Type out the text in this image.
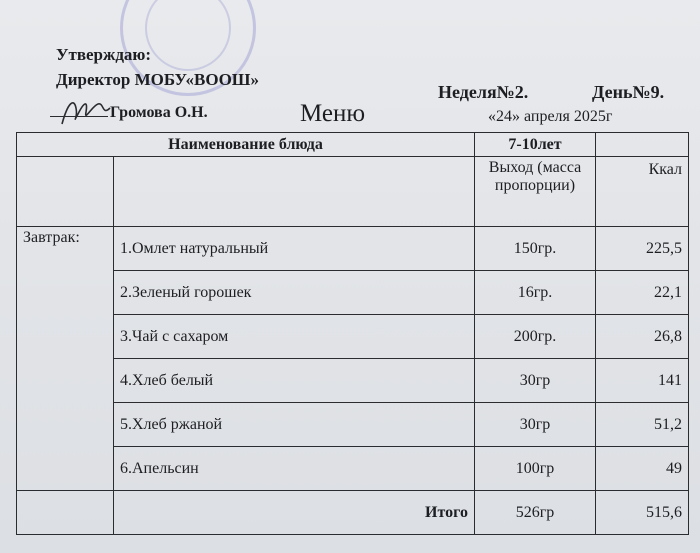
Утверждаю:
Директор МОБУ«ВООШ»
Громова О.Н.
Неделя№2.	День№9.
Меню	«24» апреля 2025г
Наименование блюда		7-10лет	
		Выход (масса пропорции)	Ккал
Завтрак:	1.Омлет натуральный	150гр.	225,5
	2.Зеленый горошек	16гр.	22,1
	3.Чай с сахаром	200гр.	26,8
	4.Хлеб белый	30гр	141
	5.Хлеб ржаной	30гр	51,2
	6.Апельсин	100гр	49
	Итого	526гр	515,6
